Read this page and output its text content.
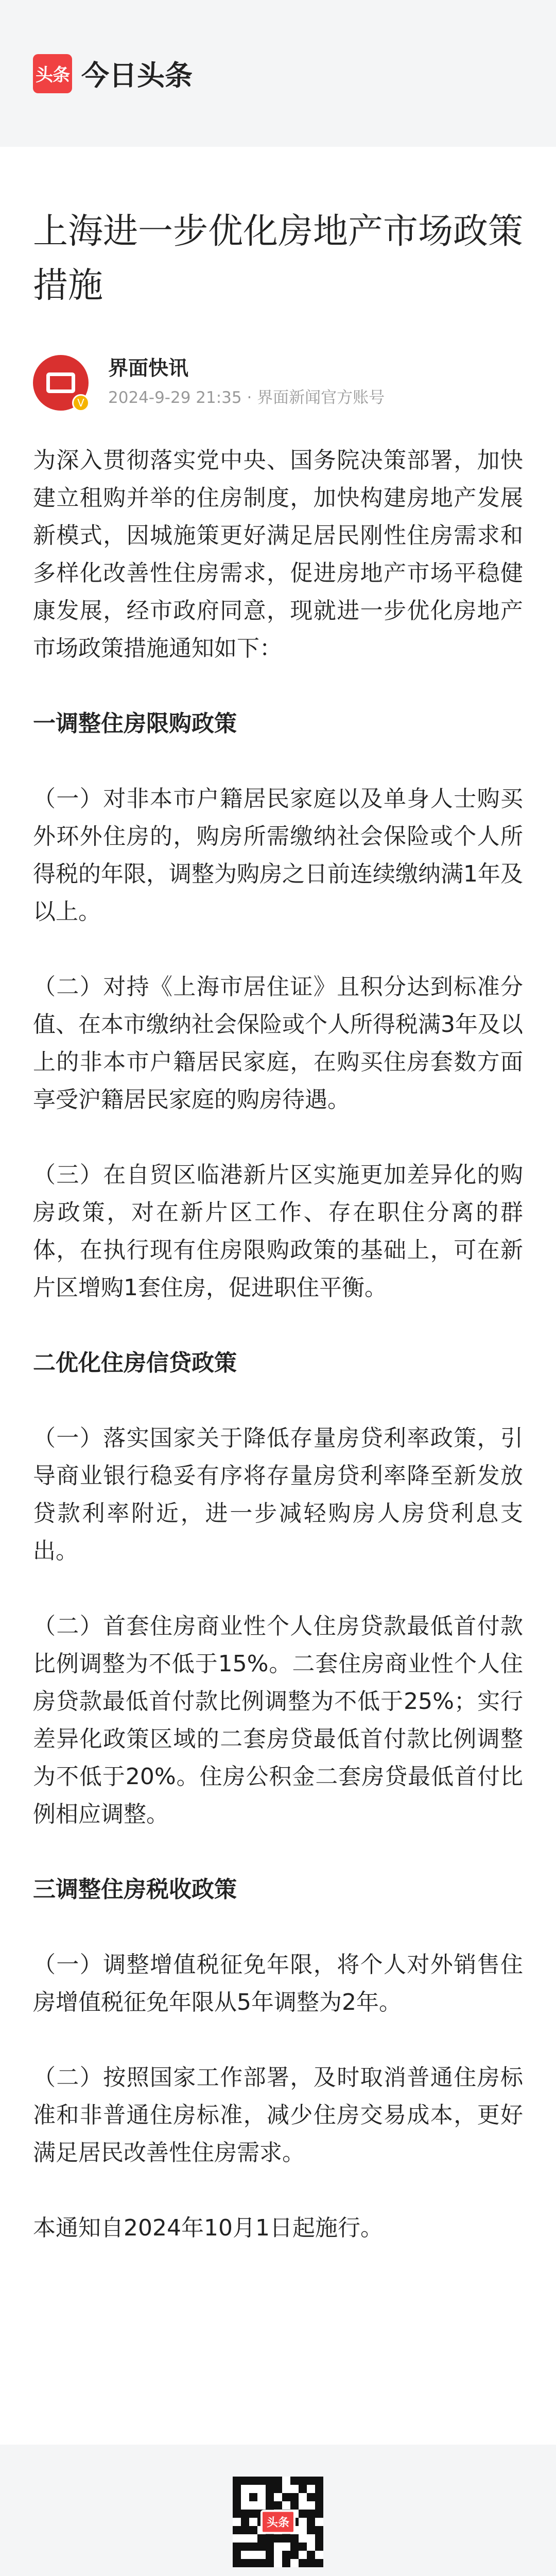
头条 今日头条
上海进一步优化房地产市场政策措施
V
界面快讯
2024-9-29 21:35 · 界面新闻官方账号

为深入贯彻落实党中央、国务院决策部署，加快建立租购并举的住房制度，加快构建房地产发展新模式，因城施策更好满足居民刚性住房需求和多样化改善性住房需求，促进房地产市场平稳健康发展，经市政府同意，现就进一步优化房地产市场政策措施通知如下：

一调整住房限购政策

（一）对非本市户籍居民家庭以及单身人士购买外环外住房的，购房所需缴纳社会保险或个人所得税的年限，调整为购房之日前连续缴纳满1年及以上。

（二）对持《上海市居住证》且积分达到标准分值、在本市缴纳社会保险或个人所得税满3年及以上的非本市户籍居民家庭，在购买住房套数方面享受沪籍居民家庭的购房待遇。

（三）在自贸区临港新片区实施更加差异化的购房政策，对在新片区工作、存在职住分离的群体，在执行现有住房限购政策的基础上，可在新片区增购1套住房，促进职住平衡。

二优化住房信贷政策

（一）落实国家关于降低存量房贷利率政策，引导商业银行稳妥有序将存量房贷利率降至新发放贷款利率附近，进一步减轻购房人房贷利息支出。

（二）首套住房商业性个人住房贷款最低首付款比例调整为不低于15%。二套住房商业性个人住房贷款最低首付款比例调整为不低于25%；实行差异化政策区域的二套房贷最低首付款比例调整为不低于20%。住房公积金二套房贷最低首付比例相应调整。

三调整住房税收政策

（一）调整增值税征免年限，将个人对外销售住房增值税征免年限从5年调整为2年。

（二）按照国家工作部署，及时取消普通住房标准和非普通住房标准，减少住房交易成本，更好满足居民改善性住房需求。

本通知自2024年10月1日起施行。

头条
